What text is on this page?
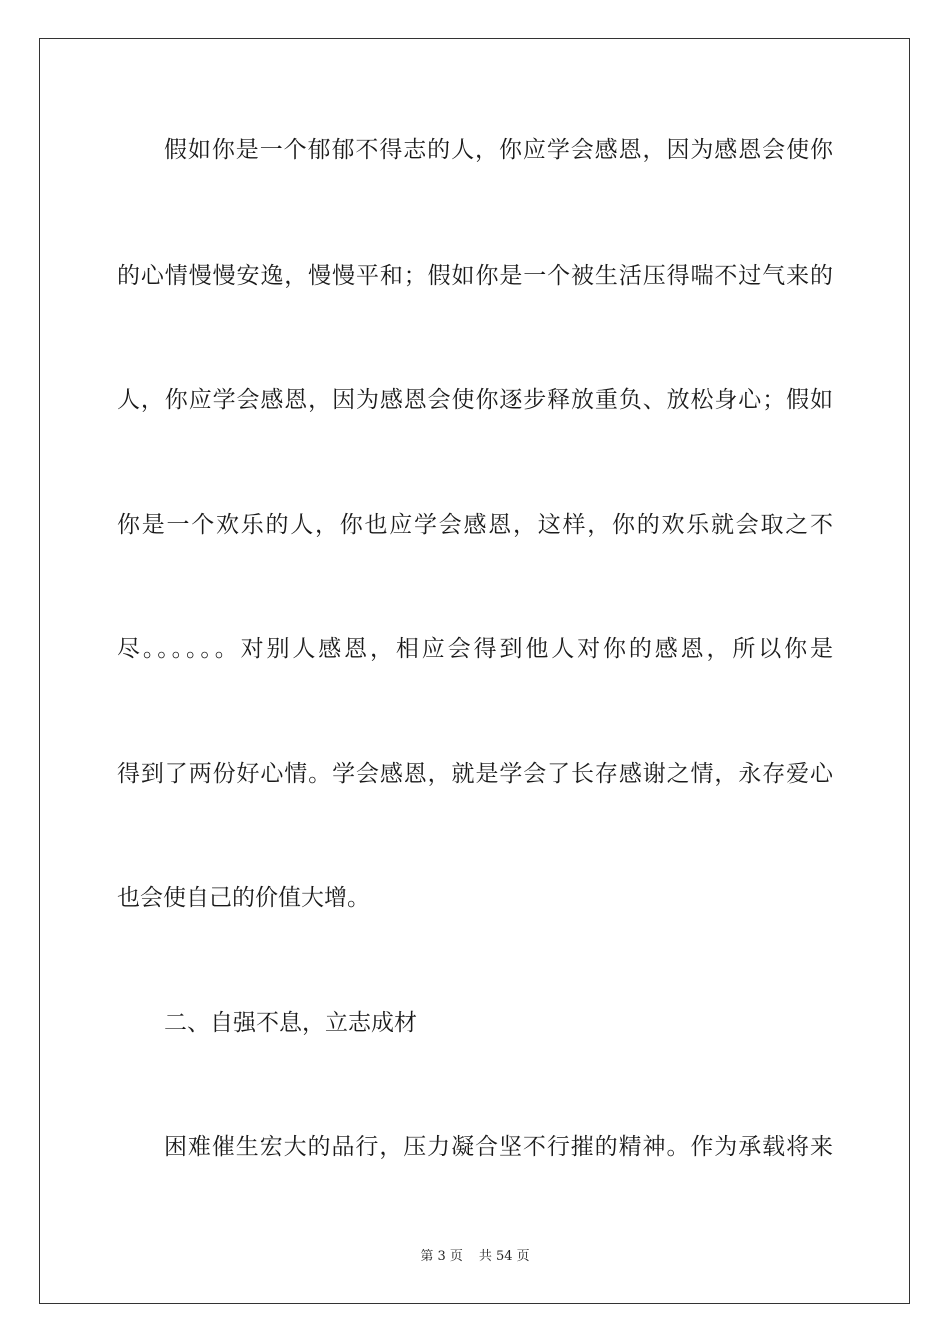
假如你是一个郁郁不得志的人，你应学会感恩，因为感恩会使你
的心情慢慢安逸，慢慢平和；假如你是一个被生活压得喘不过气来的
人，你应学会感恩，因为感恩会使你逐步释放重负、放松身心；假如
你是一个欢乐的人，你也应学会感恩，这样，你的欢乐就会取之不
尽。。。。。。对别人感恩，相应会得到他人对你的感恩，所以你是
得到了两份好心情。学会感恩，就是学会了长存感谢之情，永存爱心
也会使自己的价值大增。
二、自强不息，立志成材
困难催生宏大的品行，压力凝合坚不行摧的精神。作为承载将来
第 3 页 共 54 页
